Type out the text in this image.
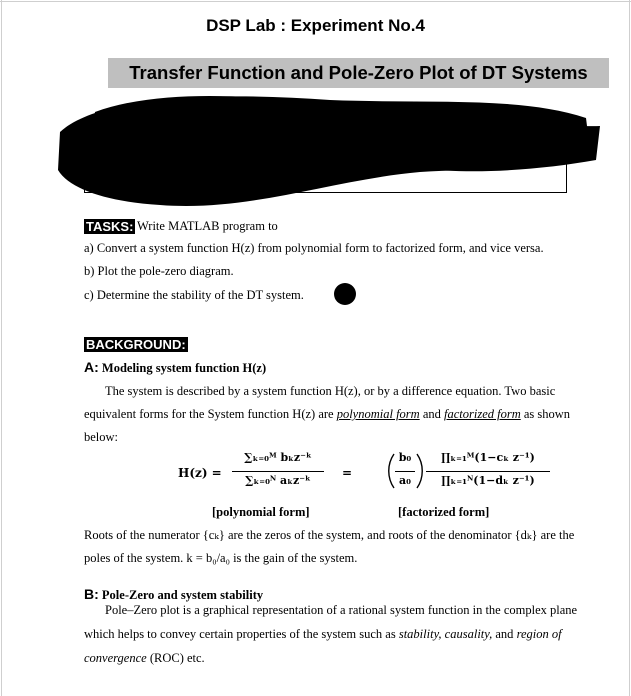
DSP Lab : Experiment No.4
Transfer Function and Pole-Zero Plot of DT Systems
TASKS: Write MATLAB program to
a) Convert a system function H(z) from polynomial form to factorized form, and vice versa.
b) Plot the pole-zero diagram.
c) Determine the stability of the DT system.
BACKGROUND:
A: Modeling system function H(z)
The system is described by a system function H(z), or by a difference equation. Two basic
equivalent forms for the System function H(z) are polynomial form and factorized form as shown
below:
H(z) =
∑ₖ₌₀ᴹ bₖz⁻ᵏ
∑ₖ₌₀ᴺ aₖz⁻ᵏ
=
b₀
a₀
∏ₖ₌₁ᴹ(1−cₖ z⁻¹)
∏ₖ₌₁ᴺ(1−dₖ z⁻¹)
[polynomial form]	[factorized form]
Roots of the numerator {cₖ} are the zeros of the system, and roots of the denominator {dₖ} are the
poles of the system. k = b₀/a₀ is the gain of the system.
B: Pole-Zero and system stability
Pole–Zero plot is a graphical representation of a rational system function in the complex plane
which helps to convey certain properties of the system such as stability, causality, and region of
convergence (ROC) etc.
